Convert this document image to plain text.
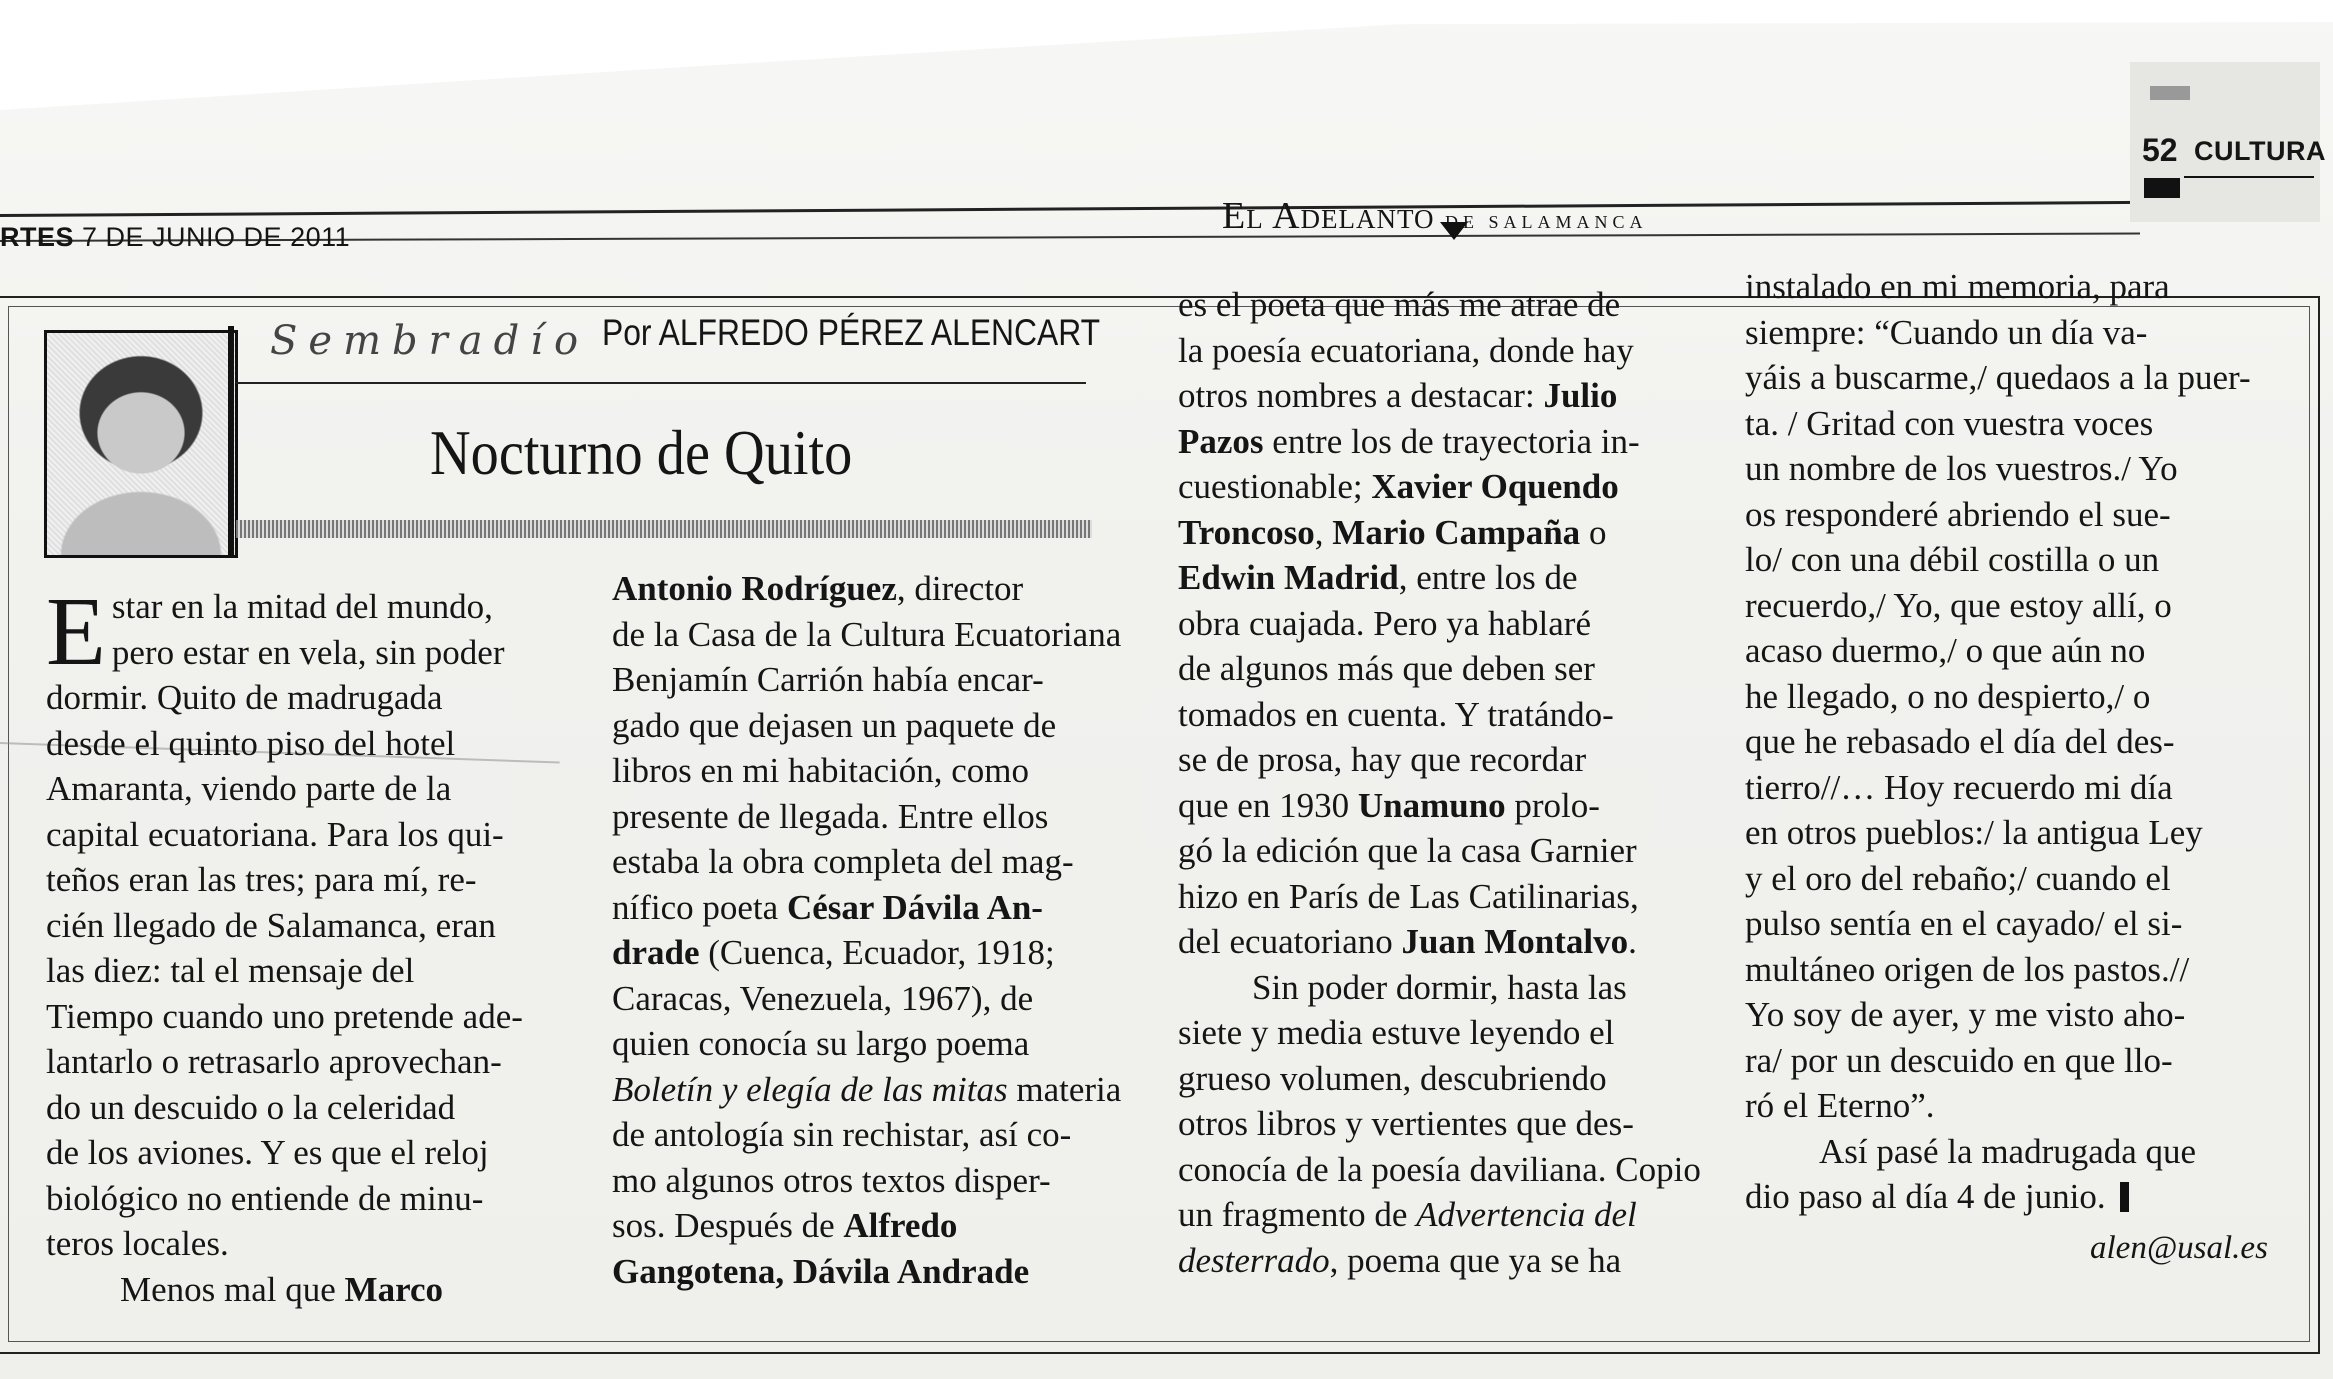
RTES 7 DE JUNIO DE 2011	El Adelanto DE SALAMANCA
52 CULTURA
Sembradío Por ALFREDO PÉREZ ALENCART
Nocturno de Quito
E star en la mitad del mundo,
pero estar en vela, sin poder
dormir. Quito de madrugada
desde el quinto piso del hotel
Amaranta, viendo parte de la
capital ecuatoriana. Para los qui-
teños eran las tres; para mí, re-
cién llegado de Salamanca, eran
las diez: tal el mensaje del
Tiempo cuando uno pretende ade-
lantarlo o retrasarlo aprovechan-
do un descuido o la celeridad
de los aviones. Y es que el reloj
biológico no entiende de minu-
teros locales.
Menos mal que Marco
Antonio Rodríguez, director
de la Casa de la Cultura Ecuatoriana
Benjamín Carrión había encar-
gado que dejasen un paquete de
libros en mi habitación, como
presente de llegada. Entre ellos
estaba la obra completa del mag-
nífico poeta César Dávila An-
drade (Cuenca, Ecuador, 1918;
Caracas, Venezuela, 1967), de
quien conocía su largo poema
Boletín y elegía de las mitas materia
de antología sin rechistar, así co-
mo algunos otros textos disper-
sos. Después de Alfredo
Gangotena, Dávila Andrade
es el poeta que más me atrae de
la poesía ecuatoriana, donde hay
otros nombres a destacar: Julio
Pazos entre los de trayectoria in-
cuestionable; Xavier Oquendo
Troncoso, Mario Campaña o
Edwin Madrid, entre los de
obra cuajada. Pero ya hablaré
de algunos más que deben ser
tomados en cuenta. Y tratándo-
se de prosa, hay que recordar
que en 1930 Unamuno prolo-
gó la edición que la casa Garnier
hizo en París de Las Catilinarias,
del ecuatoriano Juan Montalvo.
Sin poder dormir, hasta las
siete y media estuve leyendo el
grueso volumen, descubriendo
otros libros y vertientes que des-
conocía de la poesía daviliana. Copio
un fragmento de Advertencia del
desterrado, poema que ya se ha
instalado en mi memoria, para
siempre: “Cuando un día va-
yáis a buscarme,/ quedaos a la puer-
ta. / Gritad con vuestra voces
un nombre de los vuestros./ Yo
os responderé abriendo el sue-
lo/ con una débil costilla o un
recuerdo,/ Yo, que estoy allí, o
acaso duermo,/ o que aún no
he llegado, o no despierto,/ o
que he rebasado el día del des-
tierro//… Hoy recuerdo mi día
en otros pueblos:/ la antigua Ley
y el oro del rebaño;/ cuando el
pulso sentía en el cayado/ el si-
multáneo origen de los pastos.//
Yo soy de ayer, y me visto aho-
ra/ por un descuido en que llo-
ró el Eterno”.
Así pasé la madrugada que
dio paso al día 4 de junio.
alen@usal.es
